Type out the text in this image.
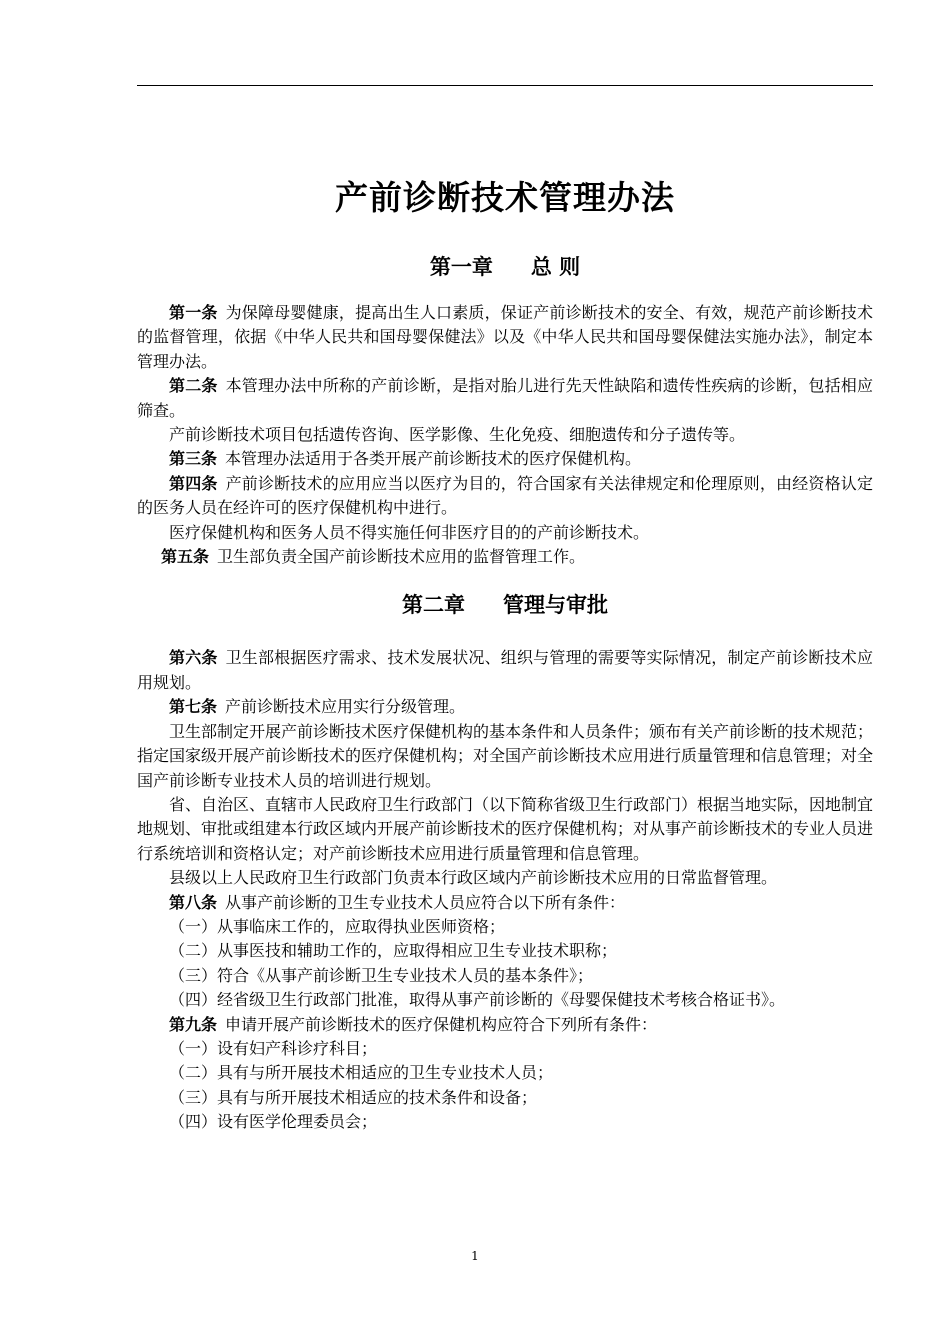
产前诊断技术管理办法
第一章 总 则

第一条 为保障母婴健康，提高出生人口素质，保证产前诊断技术的安全、有效，规范产前诊断技术的监督管理，依据《中华人民共和国母婴保健法》以及《中华人民共和国母婴保健法实施办法》，制定本管理办法。

第二条 本管理办法中所称的产前诊断，是指对胎儿进行先天性缺陷和遗传性疾病的诊断，包括相应筛查。

产前诊断技术项目包括遗传咨询、医学影像、生化免疫、细胞遗传和分子遗传等。

第三条 本管理办法适用于各类开展产前诊断技术的医疗保健机构。

第四条 产前诊断技术的应用应当以医疗为目的，符合国家有关法律规定和伦理原则，由经资格认定的医务人员在经许可的医疗保健机构中进行。

医疗保健机构和医务人员不得实施任何非医疗目的的产前诊断技术。

第五条 卫生部负责全国产前诊断技术应用的监督管理工作。

第二章 管理与审批

第六条 卫生部根据医疗需求、技术发展状况、组织与管理的需要等实际情况，制定产前诊断技术应用规划。

第七条 产前诊断技术应用实行分级管理。

卫生部制定开展产前诊断技术医疗保健机构的基本条件和人员条件；颁布有关产前诊断的技术规范；指定国家级开展产前诊断技术的医疗保健机构；对全国产前诊断技术应用进行质量管理和信息管理；对全国产前诊断专业技术人员的培训进行规划。

省、自治区、直辖市人民政府卫生行政部门（以下简称省级卫生行政部门）根据当地实际，因地制宜地规划、审批或组建本行政区域内开展产前诊断技术的医疗保健机构；对从事产前诊断技术的专业人员进行系统培训和资格认定；对产前诊断技术应用进行质量管理和信息管理。

县级以上人民政府卫生行政部门负责本行政区域内产前诊断技术应用的日常监督管理。

第八条 从事产前诊断的卫生专业技术人员应符合以下所有条件：

（一）从事临床工作的，应取得执业医师资格；

（二）从事医技和辅助工作的，应取得相应卫生专业技术职称；

（三）符合《从事产前诊断卫生专业技术人员的基本条件》；

（四）经省级卫生行政部门批准，取得从事产前诊断的《母婴保健技术考核合格证书》。

第九条 申请开展产前诊断技术的医疗保健机构应符合下列所有条件：

（一）设有妇产科诊疗科目；

（二）具有与所开展技术相适应的卫生专业技术人员；

（三）具有与所开展技术相适应的技术条件和设备；

（四）设有医学伦理委员会；

1
